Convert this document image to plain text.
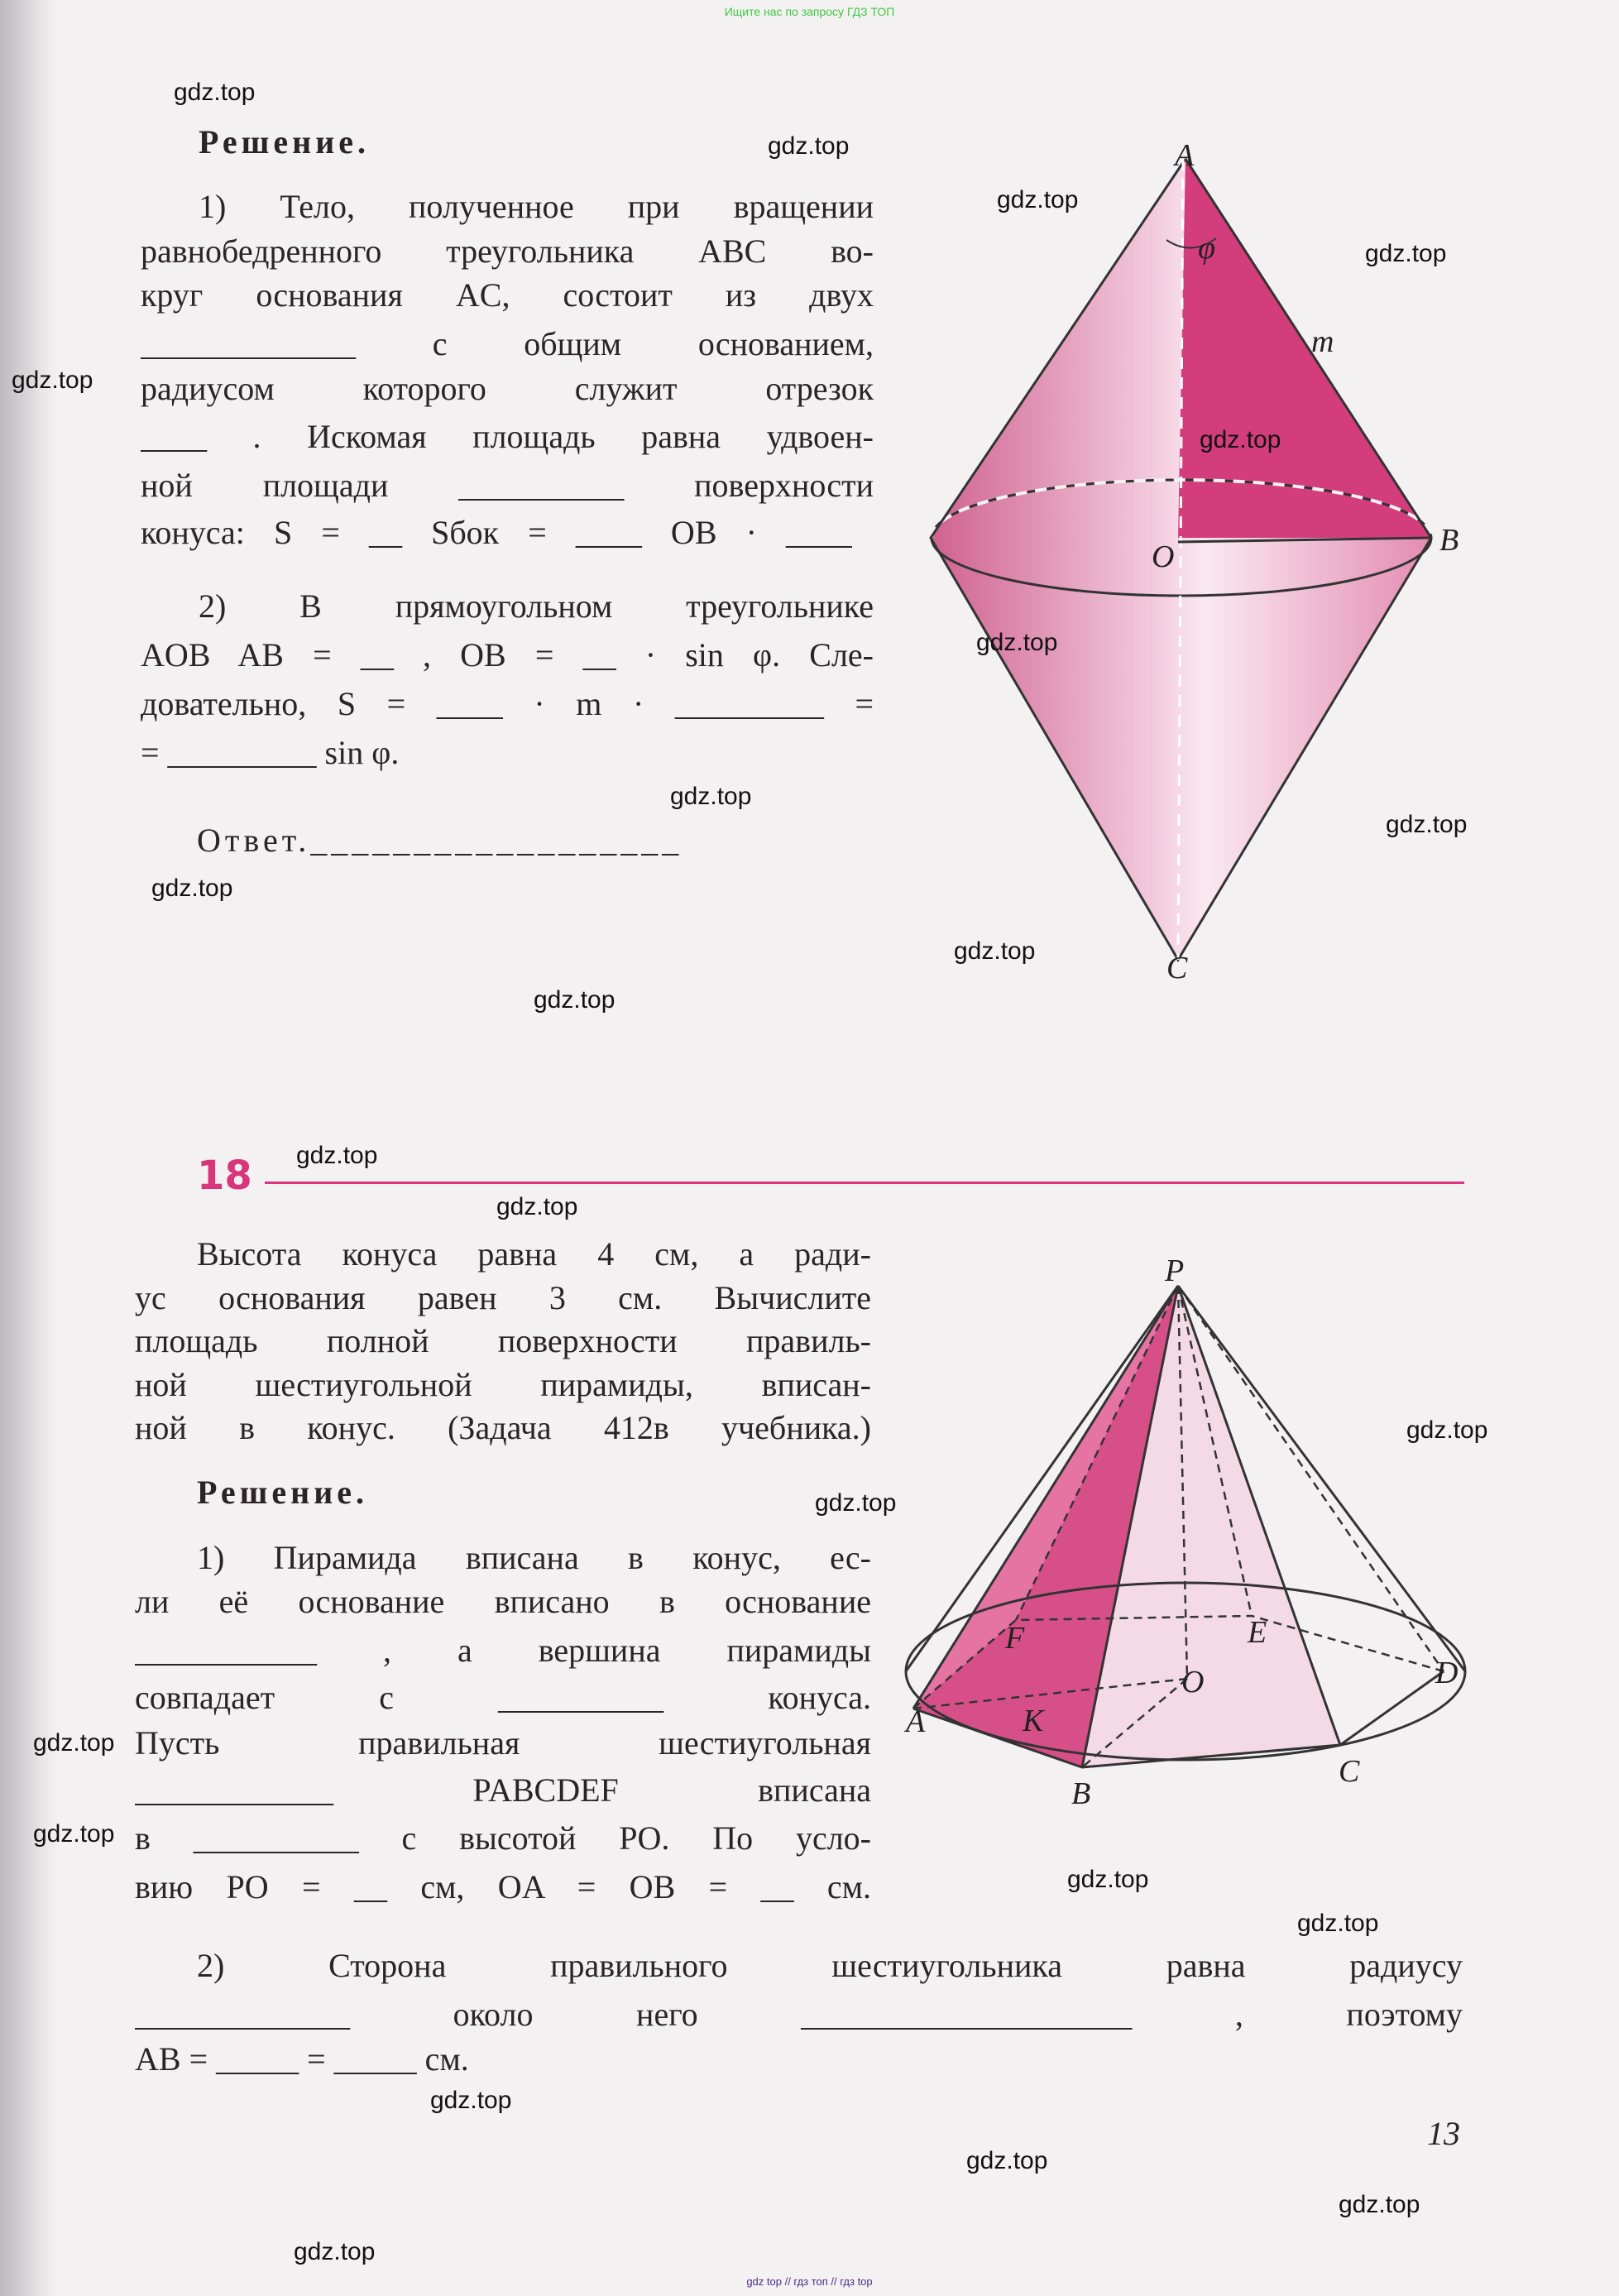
Ищите нас по запросу ГДЗ ТОП
Решение.
1) Тело, полученное при вращении
равнобедренного треугольника ABC во-
круг основания AC, состоит из двух
_____________ с общим основанием,
радиусом которого служит отрезок
____ . Искомая площадь равна удвоен-
ной площади __________ поверхности
конуса: S = __ Sбок = ____ OB · ____
2) В прямоугольном треугольнике
AOB AB = __ , OB = __ · sin φ. Сле-
довательно, S = ____ · m · _________ =
= _________ sin φ.
Ответ.__________________
A
φ
m
B
O
C
P
A
B
C
D
E
F
K
O
18
Высота конуса равна 4 см, а ради-
ус основания равен 3 см. Вычислите
площадь полной поверхности правиль-
ной шестиугольной пирамиды, вписан-
ной в конус. (Задача 412в учебника.)
Решение.
1) Пирамида вписана в конус, ес-
ли её основание вписано в основание
___________ , а вершина пирамиды
совпадает с __________ конуса.
Пусть правильная шестиугольная
____________ PABCDEF вписана
в __________ с высотой PO. По усло-
вию PO = __ см, OA = OB = __ см.
2) Сторона правильного шестиугольника равна радиусу
_____________ около него ____________________ , поэтому
AB = _____ = _____ см.
13
gdz.top
gdz.top
gdz.top
gdz.top
gdz.top
gdz.top
gdz.top
gdz.top
gdz.top
gdz.top
gdz.top
gdz.top
gdz.top
gdz.top
gdz.top
gdz.top
gdz.top
gdz.top
gdz.top
gdz.top
gdz.top
gdz.top
gdz.top
gdz.top
gdz top // гдз топ // гдз top
